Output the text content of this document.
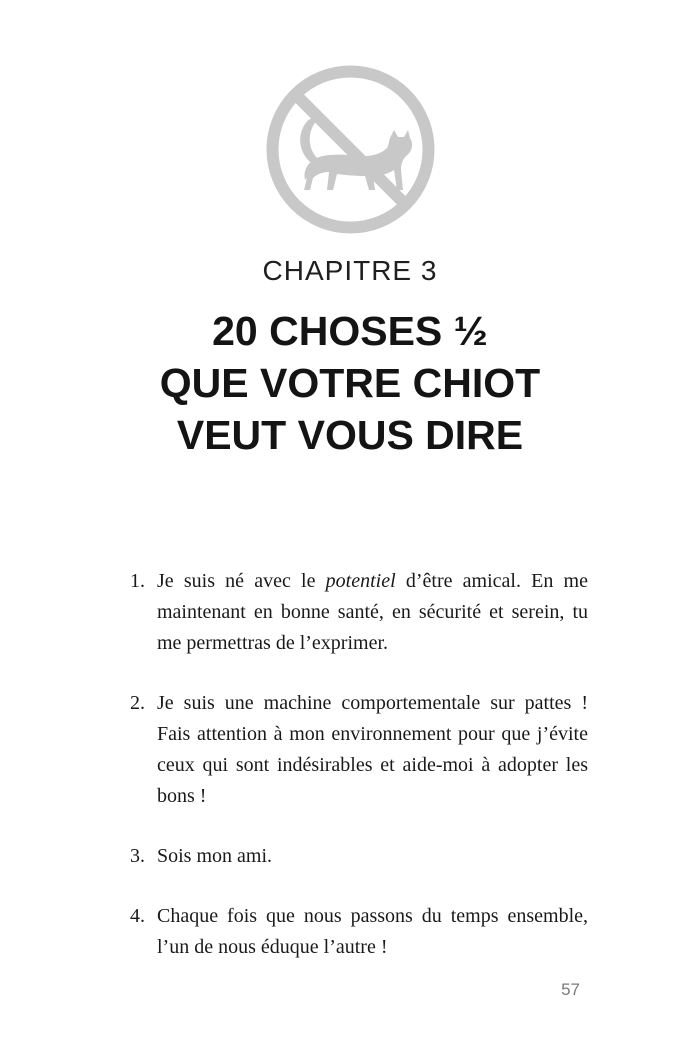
CHAPITRE 3
20 CHOSES ½
QUE VOTRE CHIOT
VEUT VOUS DIRE
1. Je suis né avec le potentiel d’être amical. En me maintenant en bonne santé, en sécurité et serein, tu me permettras de l’exprimer.
2. Je suis une machine comportementale sur pattes ! Fais attention à mon environnement pour que j’évite ceux qui sont indésirables et aide-moi à adopter les bons !
3. Sois mon ami.
4. Chaque fois que nous passons du temps ensemble, l’un de nous éduque l’autre !
57
